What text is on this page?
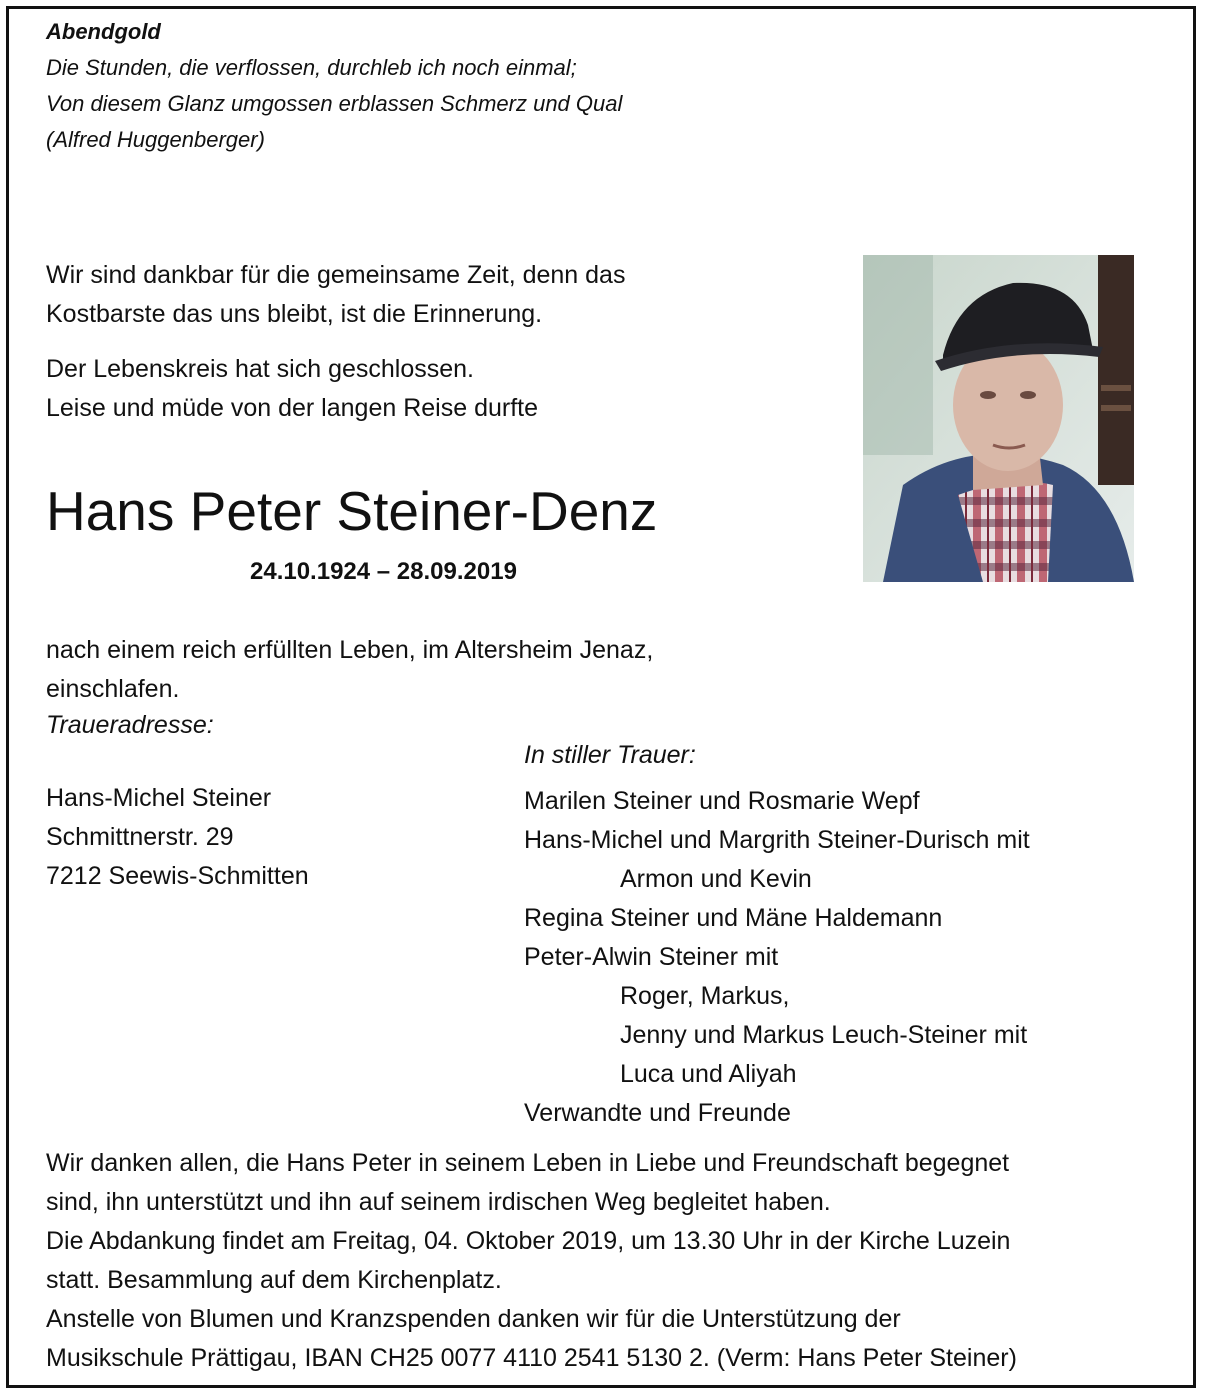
Abendgold
Die Stunden, die verflossen, durchleb ich noch einmal;
Von diesem Glanz umgossen erblassen Schmerz und Qual
(Alfred Huggenberger)
Wir sind dankbar für die gemeinsame Zeit, denn das
Kostbarste das uns bleibt, ist die Erinnerung.
Der Lebenskreis hat sich geschlossen.
Leise und müde von der langen Reise durfte
Hans Peter Steiner-Denz
24.10.1924 – 28.09.2019
nach einem reich erfüllten Leben, im Altersheim Jenaz,
einschlafen.
Traueradresse:
Hans-Michel Steiner
Schmittnerstr. 29
7212 Seewis-Schmitten
In stiller Trauer:
Marilen Steiner und Rosmarie Wepf
Hans-Michel und Margrith Steiner-Durisch mit
Armon und Kevin
Regina Steiner und Mäne Haldemann
Peter-Alwin Steiner mit
Roger, Markus,
Jenny und Markus Leuch-Steiner mit
Luca und Aliyah
Verwandte und Freunde
Wir danken allen, die Hans Peter in seinem Leben in Liebe und Freundschaft begegnet
sind, ihn unterstützt und ihn auf seinem irdischen Weg begleitet haben.
Die Abdankung findet am Freitag, 04. Oktober 2019, um 13.30 Uhr in der Kirche Luzein
statt. Besammlung auf dem Kirchenplatz.
Anstelle von Blumen und Kranzspenden danken wir für die Unterstützung der
Musikschule Prättigau, IBAN CH25 0077 4110 2541 5130 2. (Verm: Hans Peter Steiner)
